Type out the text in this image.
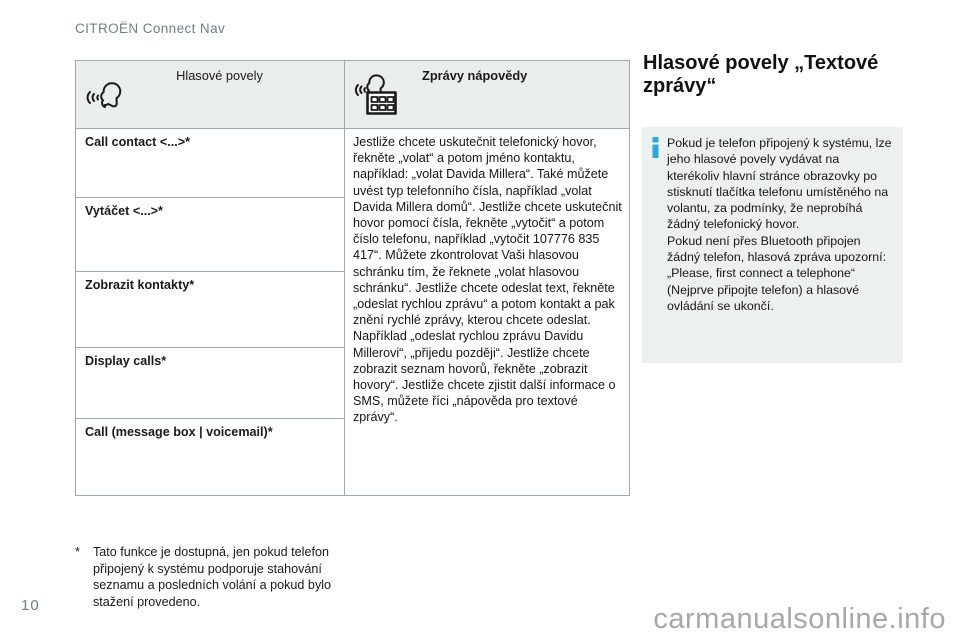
CITROËN Connect Nav
Hlasové povely	Zprávy nápovědy
Call contact <...>*
Vytáčet <...>*
Zobrazit kontakty*
Display calls*
Call (message box | voicemail)*
Jestliže chcete uskutečnit telefonický hovor, řekněte „volat“ a potom jméno kontaktu, například: „volat Davida Millera“. Také můžete uvést typ telefonního čísla, například „volat Davida Millera domů“. Jestliže chcete uskutečnit hovor pomocí čísla, řekněte „vytočit“ a potom číslo telefonu, například „vytočit 107776 835 417“. Můžete zkontrolovat Vaši hlasovou schránku tím, že řeknete „volat hlasovou schránku“. Jestliže chcete odeslat text, řekněte „odeslat rychlou zprávu“ a potom kontakt a pak znění rychlé zprávy, kterou chcete odeslat. Například „odeslat rychlou zprávu Davidu Millerovi“, „přijedu později“. Jestliže chcete zobrazit seznam hovorů, řekněte „zobrazit hovory“. Jestliže chcete zjistit další informace o SMS, můžete říci „nápověda pro textové zprávy“.
Hlasové povely „Textové zprávy“

Pokud je telefon připojený k systému, lze jeho hlasové povely vydávat na kterékoliv hlavní stránce obrazovky po stisknutí tlačítka telefonu umístěného na volantu, za podmínky, že neprobíhá žádný telefonický hovor.

Pokud není přes Bluetooth připojen žádný telefon, hlasová zpráva upozorní: „Please, first connect a telephone“ (Nejprve připojte telefon) a hlasové ovládání se ukončí.

*	Tato funkce je dostupná, jen pokud telefon připojený k systému podporuje stahování seznamu a posledních volání a pokud bylo stažení provedeno.
10	carmanualsonline.info
